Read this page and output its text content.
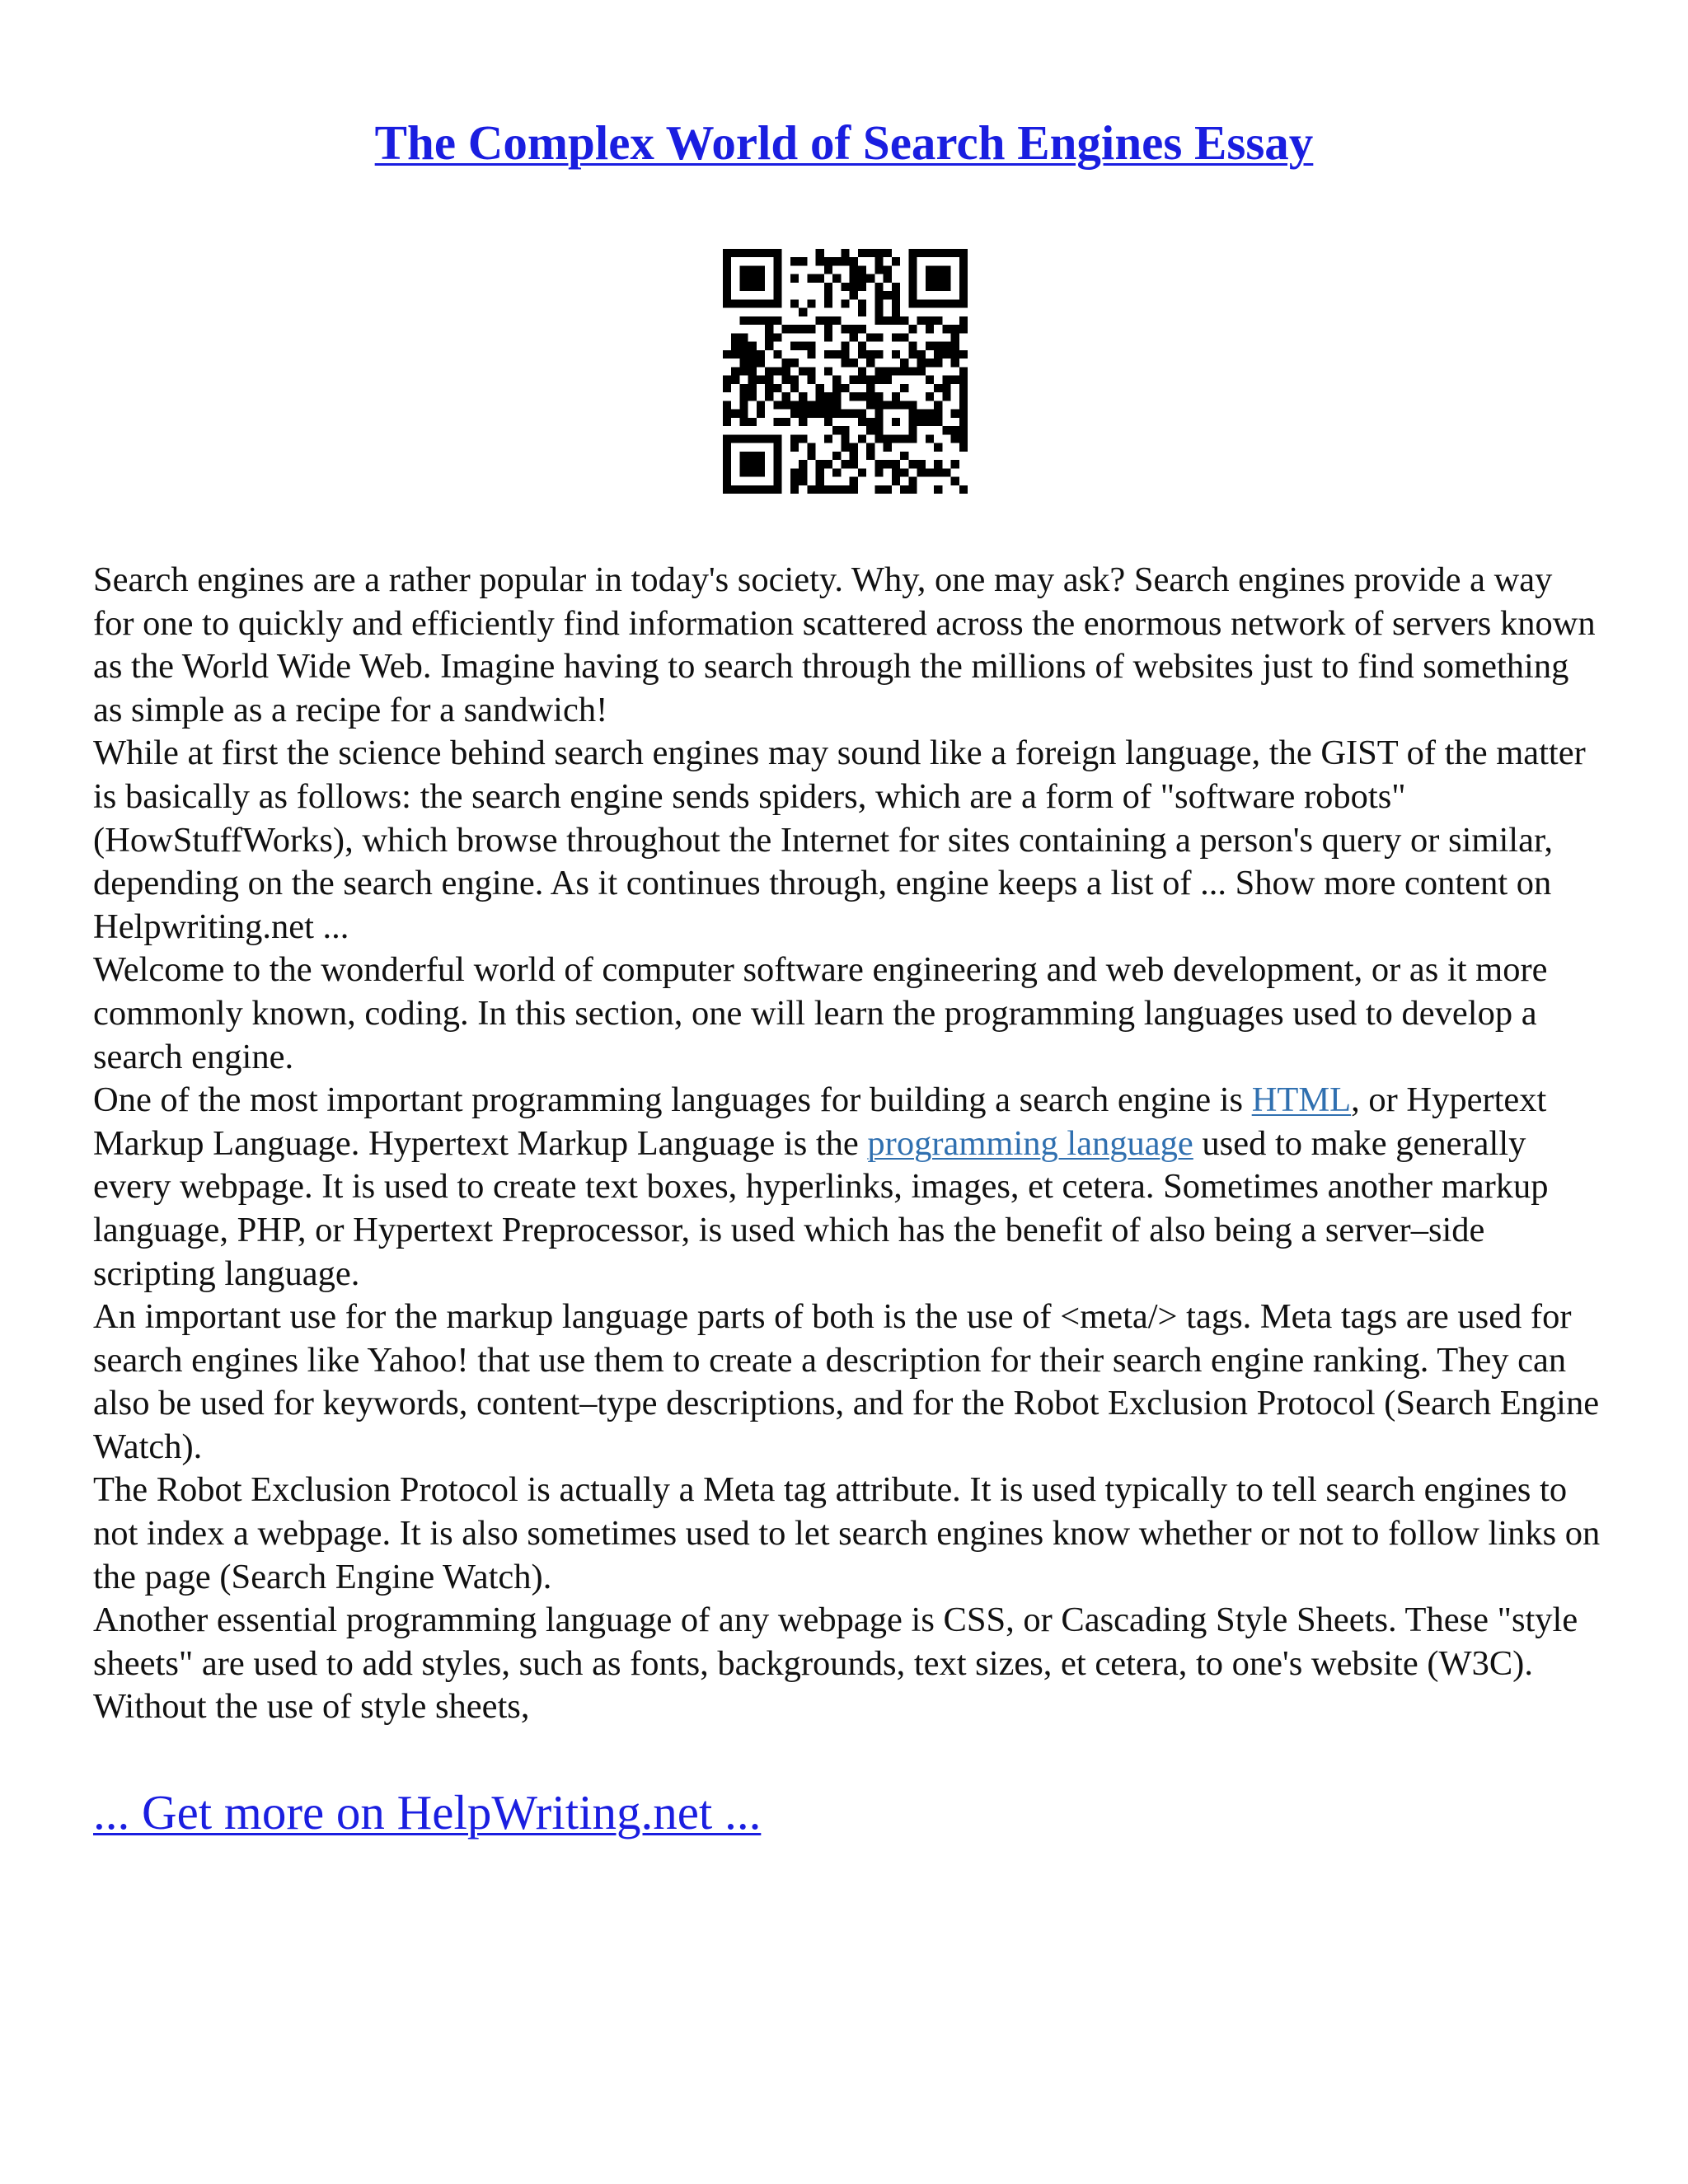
The Complex World of Search Engines Essay

Search engines are a rather popular in today's society. Why, one may ask? Search engines provide a way for one to quickly and efficiently find information scattered across the enormous network of servers known as the World Wide Web. Imagine having to search through the millions of websites just to find something as simple as a recipe for a sandwich!

While at first the science behind search engines may sound like a foreign language, the GIST of the matter is basically as follows: the search engine sends spiders, which are a form of "software robots" (HowStuffWorks), which browse throughout the Internet for sites containing a person's query or similar, depending on the search engine. As it continues through, engine keeps a list of ... Show more content on Helpwriting.net ...

Welcome to the wonderful world of computer software engineering and web development, or as it more commonly known, coding. In this section, one will learn the programming languages used to develop a search engine.

One of the most important programming languages for building a search engine is HTML, or Hypertext Markup Language. Hypertext Markup Language is the programming language used to make generally every webpage. It is used to create text boxes, hyperlinks, images, et cetera. Sometimes another markup language, PHP, or Hypertext Preprocessor, is used which has the benefit of also being a server–side scripting language.

An important use for the markup language parts of both is the use of <meta/> tags. Meta tags are used for search engines like Yahoo! that use them to create a description for their search engine ranking. They can also be used for keywords, content–type descriptions, and for the Robot Exclusion Protocol (Search Engine Watch).

The Robot Exclusion Protocol is actually a Meta tag attribute. It is used typically to tell search engines to not index a webpage. It is also sometimes used to let search engines know whether or not to follow links on the page (Search Engine Watch).

Another essential programming language of any webpage is CSS, or Cascading Style Sheets. These "style sheets" are used to add styles, such as fonts, backgrounds, text sizes, et cetera, to one's website (W3C). Without the use of style sheets,

... Get more on HelpWriting.net ...
